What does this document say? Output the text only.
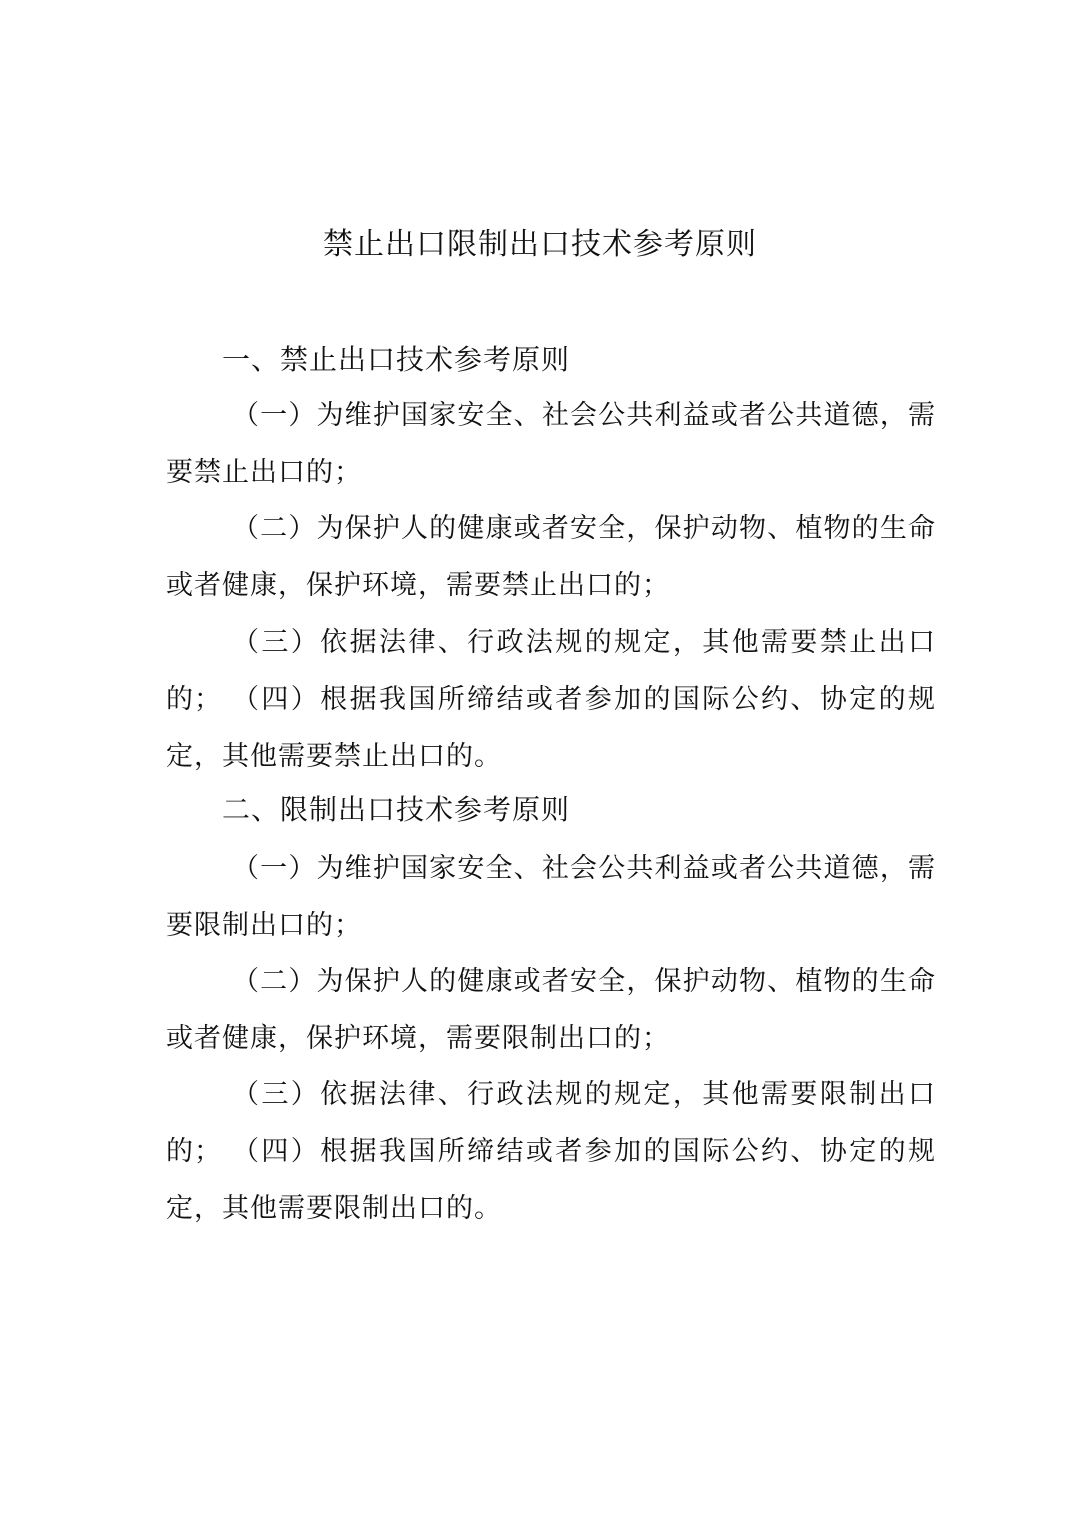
禁止出口限制出口技术参考原则
一、禁止出口技术参考原则
（一）为维护国家安全、社会公共利益或者公共道德，需要禁止出口的；
（二）为保护人的健康或者安全，保护动物、植物的生命或者健康，保护环境，需要禁止出口的；
（三）依据法律、行政法规的规定，其他需要禁止出口的； （四）根据我国所缔结或者参加的国际公约、协定的规定，其他需要禁止出口的。
二、限制出口技术参考原则
（一）为维护国家安全、社会公共利益或者公共道德，需要限制出口的；
（二）为保护人的健康或者安全，保护动物、植物的生命或者健康，保护环境，需要限制出口的；
（三）依据法律、行政法规的规定，其他需要限制出口的； （四）根据我国所缔结或者参加的国际公约、协定的规定，其他需要限制出口的。
